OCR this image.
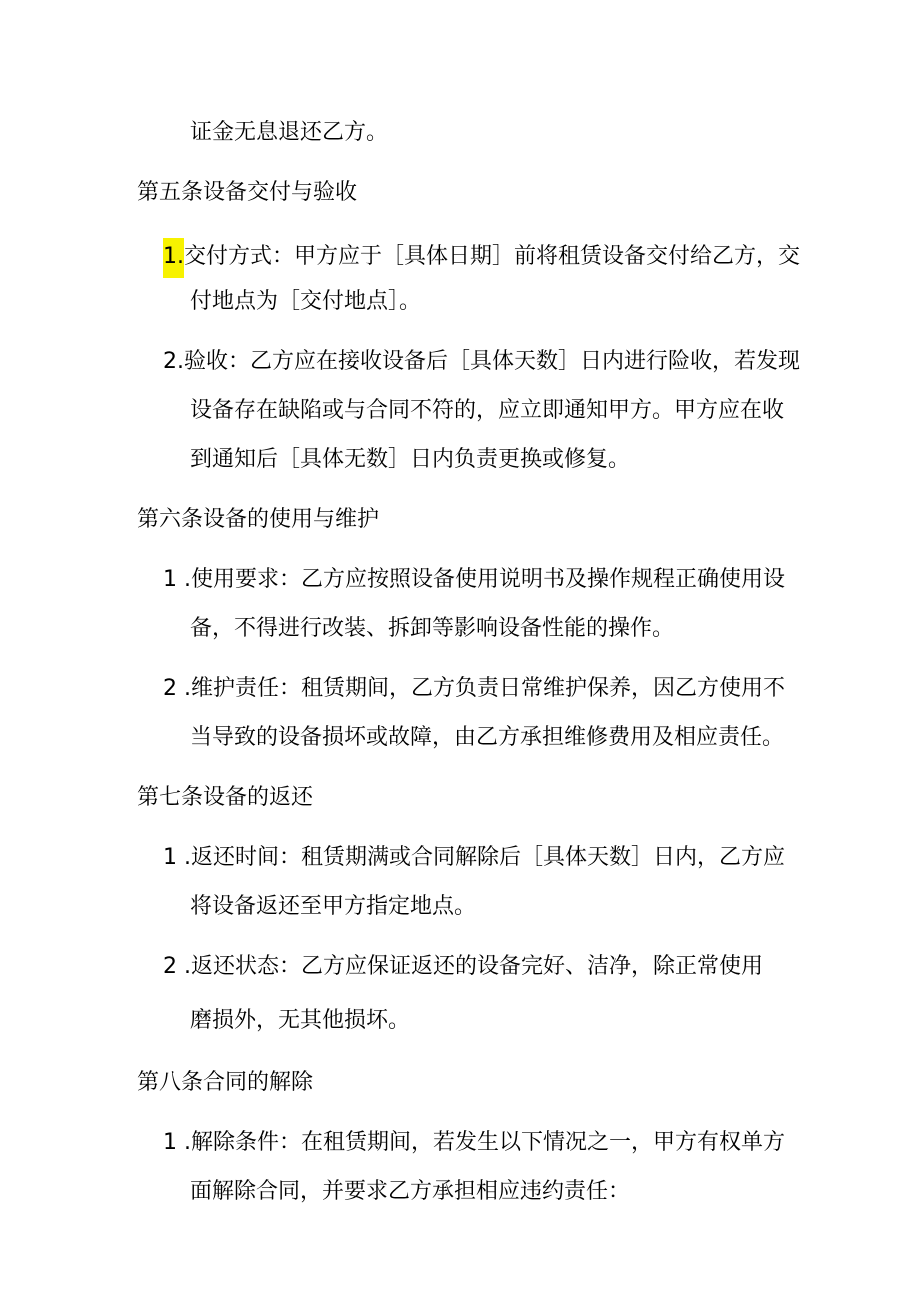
证金无息退还乙方。
第五条设备交付与验收
1.交付方式：甲方应于［具体日期］前将租赁设备交付给乙方，交
付地点为［交付地点］。
2.验收：乙方应在接收设备后［具体天数］日内进行险收，若发现
设备存在缺陷或与合同不符的，应立即通知甲方。甲方应在收
到通知后［具体无数］日内负责更换或修复。
第六条设备的使用与维护
1 .使用要求：乙方应按照设备使用说明书及操作规程正确使用设
备，不得进行改装、拆卸等影响设备性能的操作。
2 .维护责任：租赁期间，乙方负责日常维护保养，因乙方使用不
当导致的设备损坏或故障，由乙方承担维修费用及相应责任。
第七条设备的返还
1 .返还时间：租赁期满或合同解除后［具体天数］日内，乙方应
将设备返还至甲方指定地点。
2 .返还状态：乙方应保证返还的设备完好、洁净，除正常使用
磨损外，无其他损坏。
第八条合同的解除
1 .解除条件：在租赁期间，若发生以下情况之一，甲方有权单方
面解除合同，并要求乙方承担相应违约责任：
